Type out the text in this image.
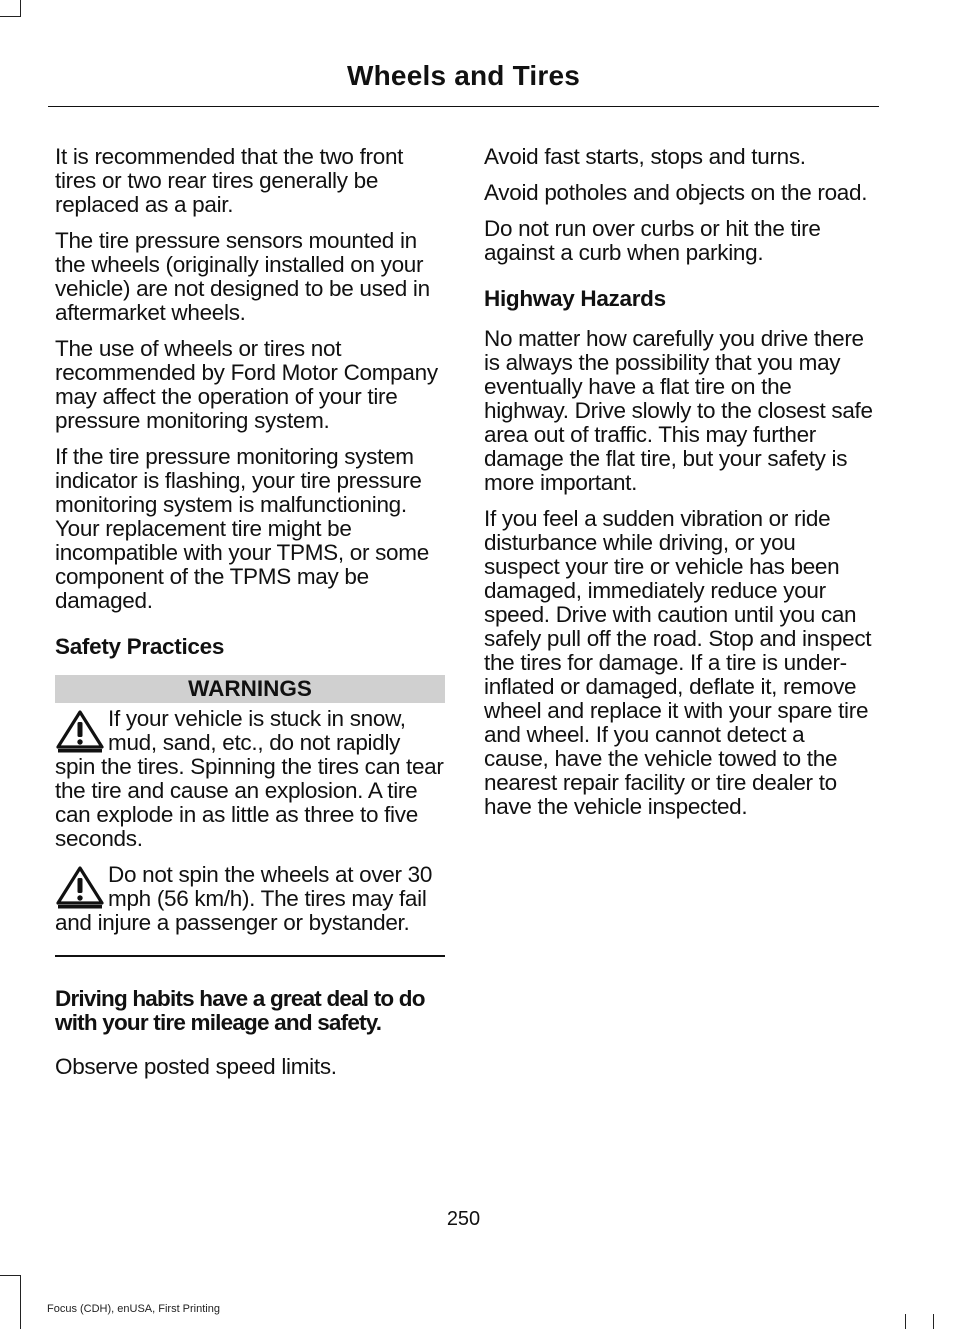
Wheels and Tires

It is recommended that the two front tires or two rear tires generally be replaced as a pair.

The tire pressure sensors mounted in the wheels (originally installed on your vehicle) are not designed to be used in aftermarket wheels.

The use of wheels or tires not recommended by Ford Motor Company may affect the operation of your tire pressure monitoring system.

If the tire pressure monitoring system indicator is flashing, your tire pressure monitoring system is malfunctioning. Your replacement tire might be incompatible with your TPMS, or some component of the TPMS may be damaged.

Safety Practices
WARNINGS

If your vehicle is stuck in snow, mud, sand, etc., do not rapidly spin the tires. Spinning the tires can tear the tire and cause an explosion. A tire can explode in as little as three to five seconds.

Do not spin the wheels at over 30 mph (56 km/h). The tires may fail and injure a passenger or bystander.

Driving habits have a great deal to do with your tire mileage and safety.

Observe posted speed limits.

Avoid fast starts, stops and turns.

Avoid potholes and objects on the road.

Do not run over curbs or hit the tire against a curb when parking.

Highway Hazards

No matter how carefully you drive there is always the possibility that you may eventually have a flat tire on the highway. Drive slowly to the closest safe area out of traffic. This may further damage the flat tire, but your safety is more important.

If you feel a sudden vibration or ride disturbance while driving, or you suspect your tire or vehicle has been damaged, immediately reduce your speed. Drive with caution until you can safely pull off the road. Stop and inspect the tires for damage. If a tire is under-inflated or damaged, deflate it, remove wheel and replace it with your spare tire and wheel. If you cannot detect a cause, have the vehicle towed to the nearest repair facility or tire dealer to have the vehicle inspected.

250
Focus (CDH), enUSA, First Printing
